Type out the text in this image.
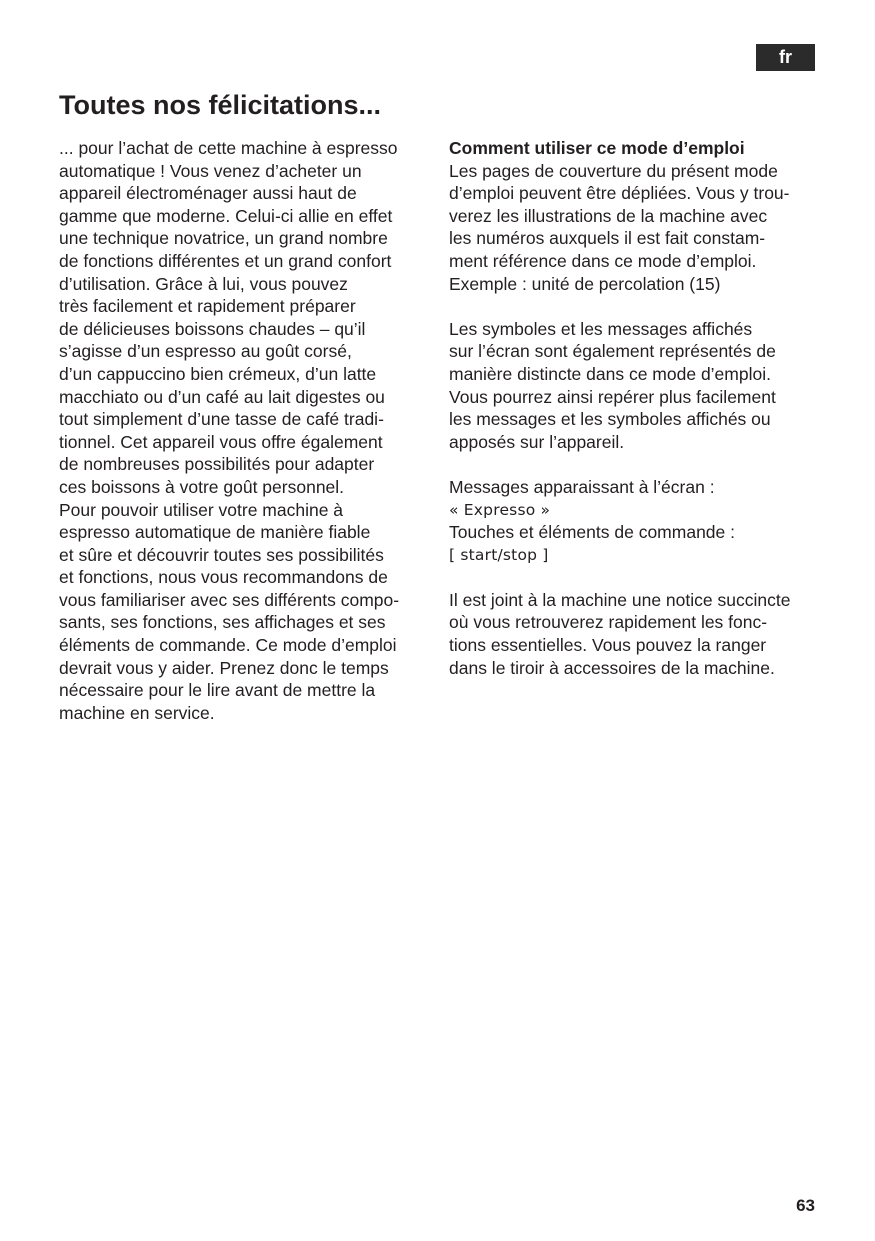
fr
Toutes nos félicitations...
... pour l’achat de cette machine à espresso
automatique ! Vous venez d’acheter un
appareil électroménager aussi haut de
gamme que moderne. Celui-ci allie en effet
une technique novatrice, un grand nombre
de fonctions différentes et un grand confort
d’utilisation. Grâce à lui, vous pouvez
très facilement et rapidement préparer
de délicieuses boissons chaudes – qu’il
s’agisse d’un espresso au goût corsé,
d’un cappuccino bien crémeux, d’un latte
macchiato ou d’un café au lait digestes ou
tout simplement d’une tasse de café tradi-
tionnel. Cet appareil vous offre également
de nombreuses possibilités pour adapter
ces boissons à votre goût personnel.
Pour pouvoir utiliser votre machine à
espresso automatique de manière fiable
et sûre et découvrir toutes ses possibilités
et fonctions, nous vous recommandons de
vous familiariser avec ses différents compo-
sants, ses fonctions, ses affichages et ses
éléments de commande. Ce mode d’emploi
devrait vous y aider. Prenez donc le temps
nécessaire pour le lire avant de mettre la
machine en service.
Comment utiliser ce mode d’emploi
Les pages de couverture du présent mode
d’emploi peuvent être dépliées. Vous y trou-
verez les illustrations de la machine avec
les numéros auxquels il est fait constam-
ment référence dans ce mode d’emploi.
Exemple : unité de percolation (15)
Les symboles et les messages affichés
sur l’écran sont également représentés de
manière distincte dans ce mode d’emploi.
Vous pourrez ainsi repérer plus facilement
les messages et les symboles affichés ou
apposés sur l’appareil.
Messages apparaissant à l’écran :
« Expresso »
Touches et éléments de commande :
[ start/stop ]
Il est joint à la machine une notice succincte
où vous retrouverez rapidement les fonc-
tions essentielles. Vous pouvez la ranger
dans le tiroir à accessoires de la machine.
63
